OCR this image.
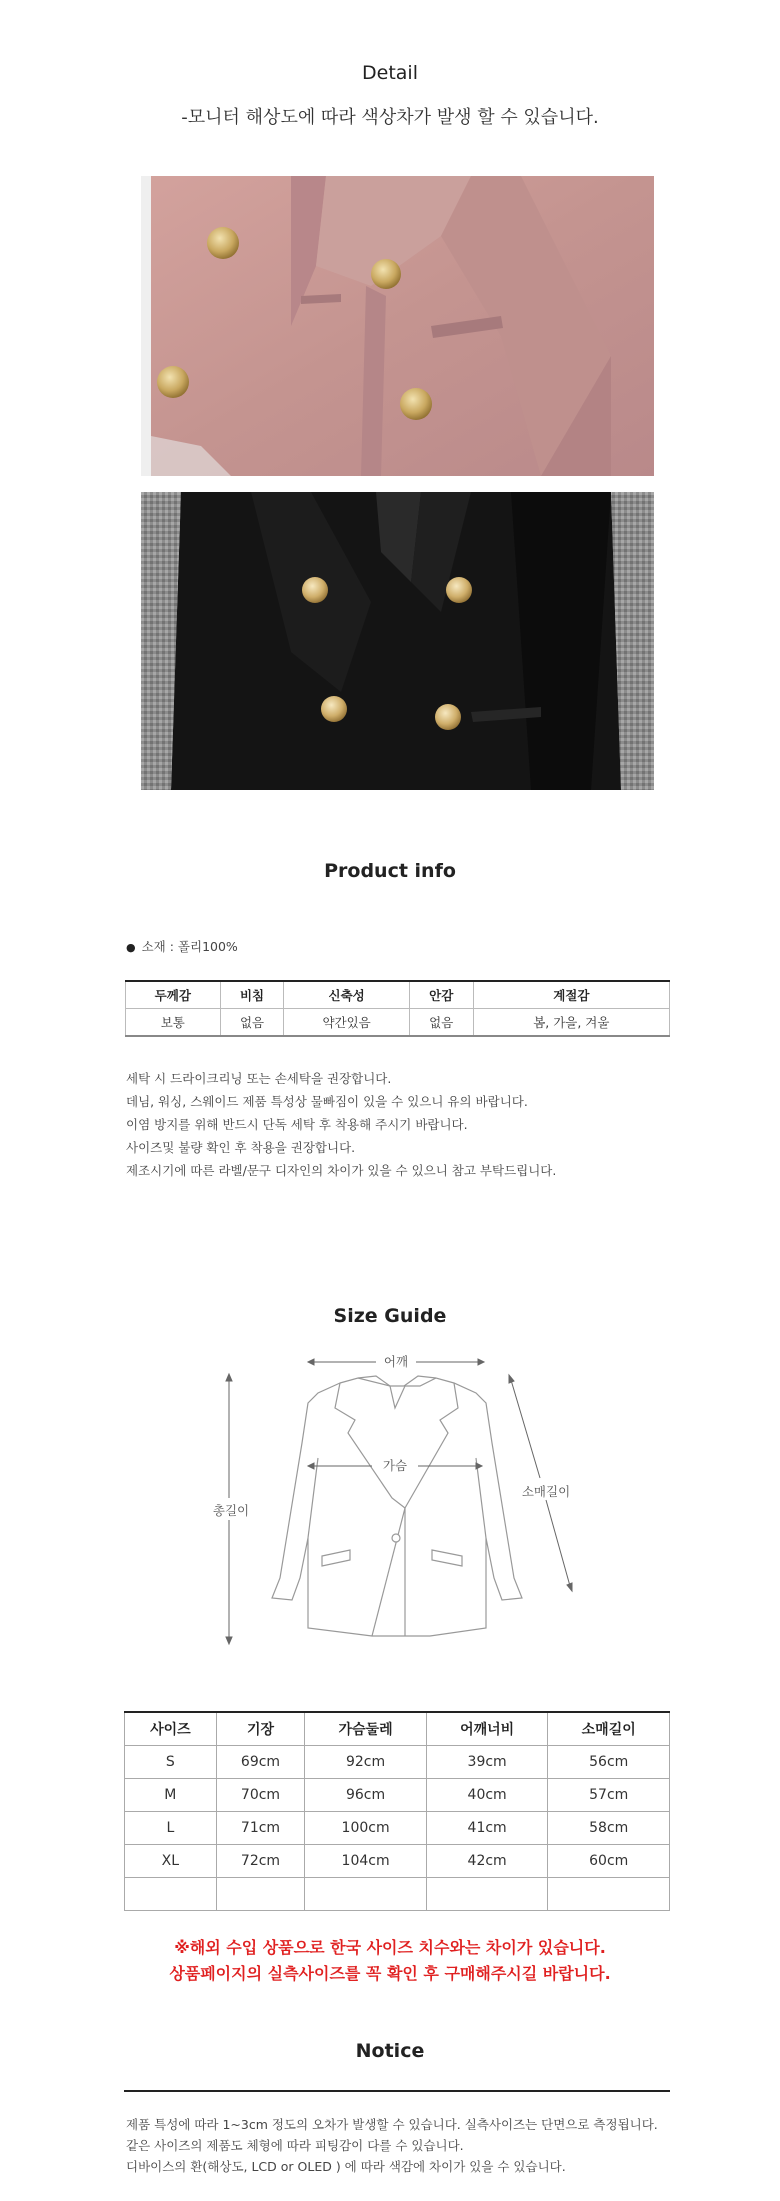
Detail
-모니터 해상도에 따라 색상차가 발생 할 수 있습니다.
Product info
● 소재 : 폴리100%
두께감	비침	신축성	안감	계절감
보통	없음	약간있음	없음	봄, 가을, 겨울

세탁 시 드라이크리닝 또는 손세탁을 권장합니다.

데님, 워싱, 스웨이드 제품 특성상 물빠짐이 있을 수 있으니 유의 바랍니다.

이염 방지를 위해 반드시 단독 세탁 후 착용해 주시기 바랍니다.

사이즈및 불량 확인 후 착용을 권장합니다.

제조시기에 따른 라벨/문구 디자인의 차이가 있을 수 있으니 참고 부탁드립니다.

Size Guide
어깨
가슴
총길이
소매길이
사이즈	기장	가슴둘레	어깨너비	소매길이
S	69cm	92cm	39cm	56cm
M	70cm	96cm	40cm	57cm
L	71cm	100cm	41cm	58cm
XL	72cm	104cm	42cm	60cm

※해외 수입 상품으로 한국 사이즈 치수와는 차이가 있습니다.
상품페이지의 실측사이즈를 꼭 확인 후 구매해주시길 바랍니다.
Notice

제품 특성에 따라 1~3cm 정도의 오차가 발생할 수 있습니다. 실측사이즈는 단면으로 측정됩니다.

같은 사이즈의 제품도 체형에 따라 피팅감이 다를 수 있습니다.

디바이스의 환(해상도, LCD or OLED ) 에 따라 색감에 차이가 있을 수 있습니다.
